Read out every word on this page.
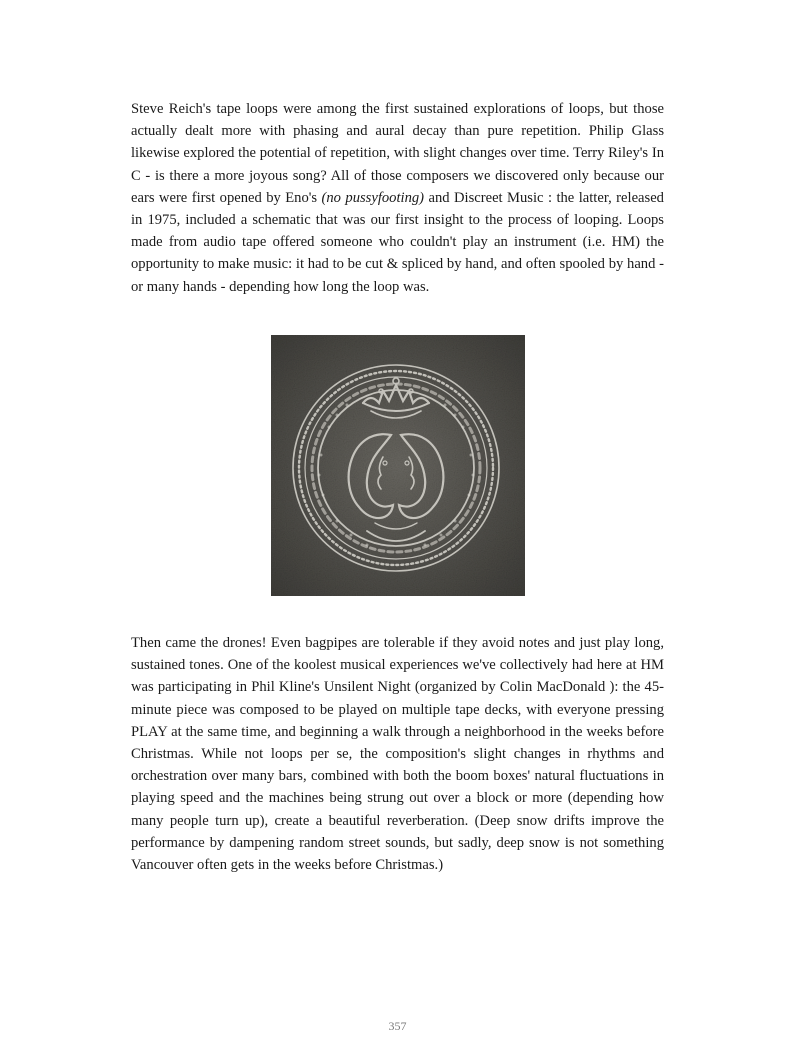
Steve Reich's tape loops were among the first sustained explorations of loops, but those actually dealt more with phasing and aural decay than pure repetition. Philip Glass likewise explored the potential of repetition, with slight changes over time. Terry Riley's In C - is there a more joyous song? All of those composers we discovered only because our ears were first opened by Eno's (no pussyfooting) and Discreet Music : the latter, released in 1975, included a schematic that was our first insight to the process of looping. Loops made from audio tape offered someone who couldn't play an instrument (i.e. HM) the opportunity to make music: it had to be cut & spliced by hand, and often spooled by hand - or many hands - depending how long the loop was.

Then came the drones! Even bagpipes are tolerable if they avoid notes and just play long, sustained tones. One of the koolest musical experiences we've collectively had here at HM was participating in Phil Kline's Unsilent Night (organized by Colin MacDonald ): the 45-minute piece was composed to be played on multiple tape decks, with everyone pressing PLAY at the same time, and beginning a walk through a neighborhood in the weeks before Christmas. While not loops per se, the composition's slight changes in rhythms and orchestration over many bars, combined with both the boom boxes' natural fluctuations in playing speed and the machines being strung out over a block or more (depending how many people turn up), create a beautiful reverberation. (Deep snow drifts improve the performance by dampening random street sounds, but sadly, deep snow is not something Vancouver often gets in the weeks before Christmas.)

357
